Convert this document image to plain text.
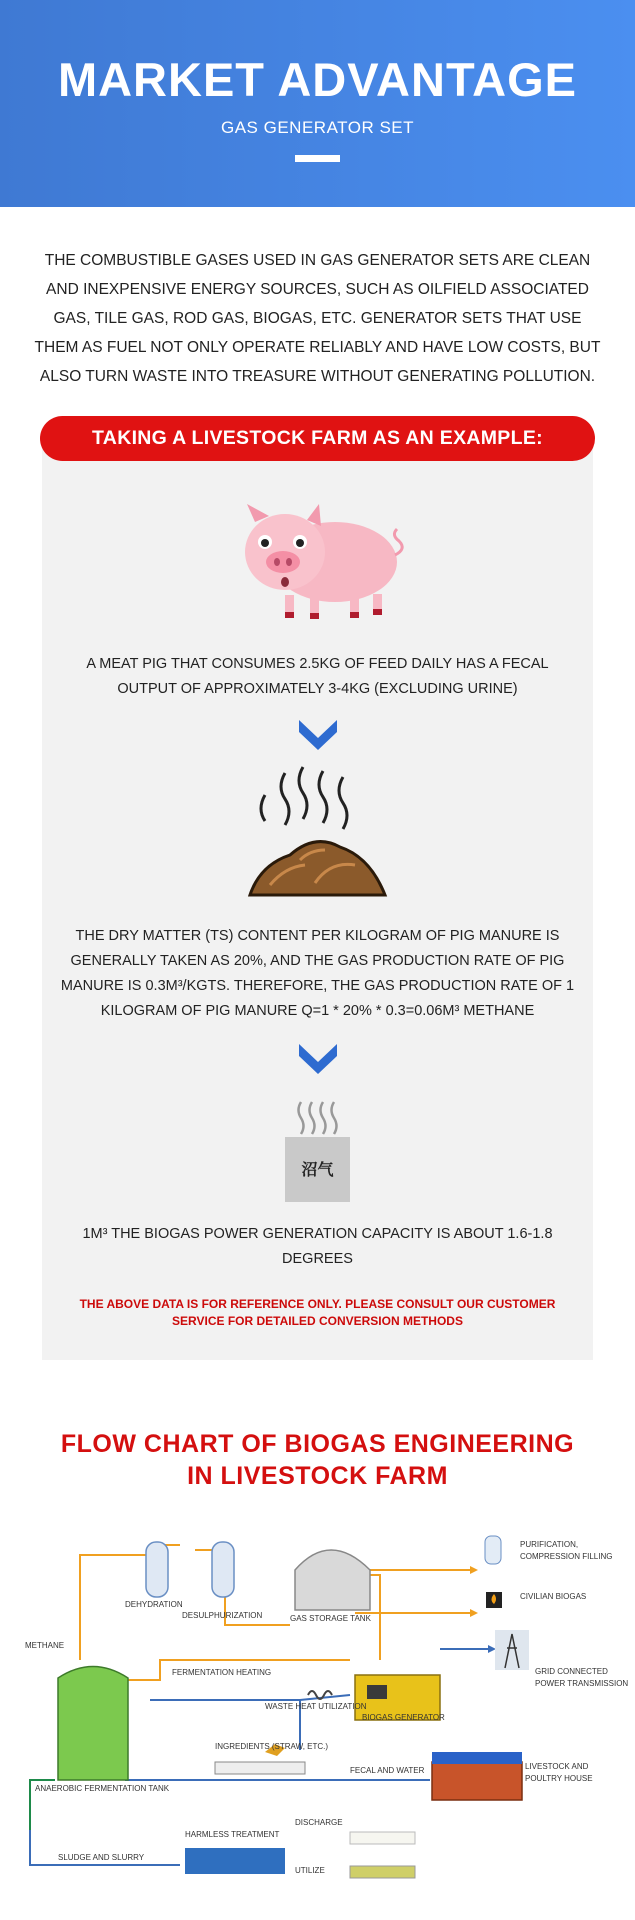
MARKET ADVANTAGE
GAS GENERATOR SET
THE COMBUSTIBLE GASES USED IN GAS GENERATOR SETS ARE CLEAN AND INEXPENSIVE ENERGY SOURCES, SUCH AS OILFIELD ASSOCIATED GAS, TILE GAS, ROD GAS, BIOGAS, ETC. GENERATOR SETS THAT USE THEM AS FUEL NOT ONLY OPERATE RELIABLY AND HAVE LOW COSTS, BUT ALSO TURN WASTE INTO TREASURE WITHOUT GENERATING POLLUTION.
TAKING A LIVESTOCK FARM AS AN EXAMPLE:
A MEAT PIG THAT CONSUMES 2.5KG OF FEED DAILY HAS A FECAL OUTPUT OF APPROXIMATELY 3-4KG (EXCLUDING URINE)
THE DRY MATTER (TS) CONTENT PER KILOGRAM OF PIG MANURE IS GENERALLY TAKEN AS 20%, AND THE GAS PRODUCTION RATE OF PIG MANURE IS 0.3M³/KGTS. THEREFORE, THE GAS PRODUCTION RATE OF 1 KILOGRAM OF PIG MANURE Q=1 * 20% * 0.3=0.06M³ METHANE
沼气
1M³ THE BIOGAS POWER GENERATION CAPACITY IS ABOUT 1.6-1.8 DEGREES
THE ABOVE DATA IS FOR REFERENCE ONLY. PLEASE CONSULT OUR CUSTOMER SERVICE FOR DETAILED CONVERSION METHODS
FLOW CHART OF BIOGAS ENGINEERING
IN LIVESTOCK FARM
PURIFICATION,
COMPRESSION FILLING
CIVILIAN BIOGAS
DEHYDRATION
DESULPHURIZATION	GAS STORAGE TANK
METHANE
FERMENTATION HEATING	GRID CONNECTED
POWER TRANSMISSION
WASTE HEAT UTILIZATION
BIOGAS GENERATOR
INGREDIENTS (STRAW, ETC.)
FECAL AND WATER	LIVESTOCK AND
POULTRY HOUSE
ANAEROBIC FERMENTATION TANK
DISCHARGE
HARMLESS TREATMENT
SLUDGE AND SLURRY
UTILIZE
